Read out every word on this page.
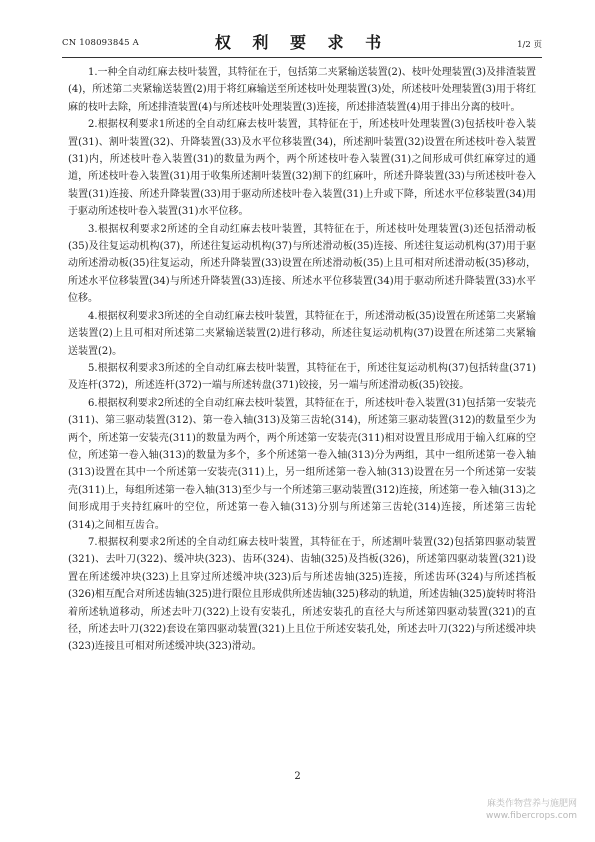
CN 108093845 A	权 利 要 求 书	1/2 页

1.一种全自动红麻去枝叶装置，其特征在于，包括第二夹紧输送装置(2)、枝叶处理装置(3)及排渣装置(4)，所述第二夹紧输送装置(2)用于将红麻输送至所述枝叶处理装置(3)处，所述枝叶处理装置(3)用于将红麻的枝叶去除，所述排渣装置(4)与所述枝叶处理装置(3)连接，所述排渣装置(4)用于排出分离的枝叶。

2.根据权利要求1所述的全自动红麻去枝叶装置，其特征在于，所述枝叶处理装置(3)包括枝叶卷入装置(31)、割叶装置(32)、升降装置(33)及水平位移装置(34)，所述割叶装置(32)设置在所述枝叶卷入装置(31)内，所述枝叶卷入装置(31)的数量为两个，两个所述枝叶卷入装置(31)之间形成可供红麻穿过的通道，所述枝叶卷入装置(31)用于收集所述割叶装置(32)割下的红麻叶，所述升降装置(33)与所述枝叶卷入装置(31)连接、所述升降装置(33)用于驱动所述枝叶卷入装置(31)上升或下降，所述水平位移装置(34)用于驱动所述枝叶卷入装置(31)水平位移。

3.根据权利要求2所述的全自动红麻去枝叶装置，其特征在于，所述枝叶处理装置(3)还包括滑动板(35)及往复运动机构(37)，所述往复运动机构(37)与所述滑动板(35)连接、所述往复运动机构(37)用于驱动所述滑动板(35)往复运动，所述升降装置(33)设置在所述滑动板(35)上且可相对所述滑动板(35)移动，所述水平位移装置(34)与所述升降装置(33)连接、所述水平位移装置(34)用于驱动所述升降装置(33)水平位移。

4.根据权利要求3所述的全自动红麻去枝叶装置，其特征在于，所述滑动板(35)设置在所述第二夹紧输送装置(2)上且可相对所述第二夹紧输送装置(2)进行移动，所述往复运动机构(37)设置在所述第二夹紧输送装置(2)。

5.根据权利要求3所述的全自动红麻去枝叶装置，其特征在于，所述往复运动机构(37)包括转盘(371)及连杆(372)，所述连杆(372)一端与所述转盘(371)铰接，另一端与所述滑动板(35)铰接。

6.根据权利要求2所述的全自动红麻去枝叶装置，其特征在于，所述枝叶卷入装置(31)包括第一安装壳(311)、第三驱动装置(312)、第一卷入轴(313)及第三齿轮(314)，所述第三驱动装置(312)的数量至少为两个，所述第一安装壳(311)的数量为两个，两个所述第一安装壳(311)相对设置且形成用于输入红麻的空位，所述第一卷入轴(313)的数量为多个，多个所述第一卷入轴(313)分为两组，其中一组所述第一卷入轴(313)设置在其中一个所述第一安装壳(311)上，另一组所述第一卷入轴(313)设置在另一个所述第一安装壳(311)上，每组所述第一卷入轴(313)至少与一个所述第三驱动装置(312)连接，所述第一卷入轴(313)之间形成用于夹持红麻叶的空位，所述第一卷入轴(313)分别与所述第三齿轮(314)连接，所述第三齿轮(314)之间相互齿合。

7.根据权利要求2所述的全自动红麻去枝叶装置，其特征在于，所述割叶装置(32)包括第四驱动装置(321)、去叶刀(322)、缓冲块(323)、齿环(324)、齿轴(325)及挡板(326)，所述第四驱动装置(321)设置在所述缓冲块(323)上且穿过所述缓冲块(323)后与所述齿轴(325)连接，所述齿环(324)与所述挡板(326)相互配合对所述齿轴(325)进行限位且形成供所述齿轴(325)移动的轨道，所述齿轴(325)旋转时将沿着所述轨道移动，所述去叶刀(322)上设有安装孔，所述安装孔的直径大与所述第四驱动装置(321)的直径，所述去叶刀(322)套设在第四驱动装置(321)上且位于所述安装孔处，所述去叶刀(322)与所述缓冲块(323)连接且可相对所述缓冲块(323)滑动。

2
麻类作物营养与施肥网
www.fibercrops.com
